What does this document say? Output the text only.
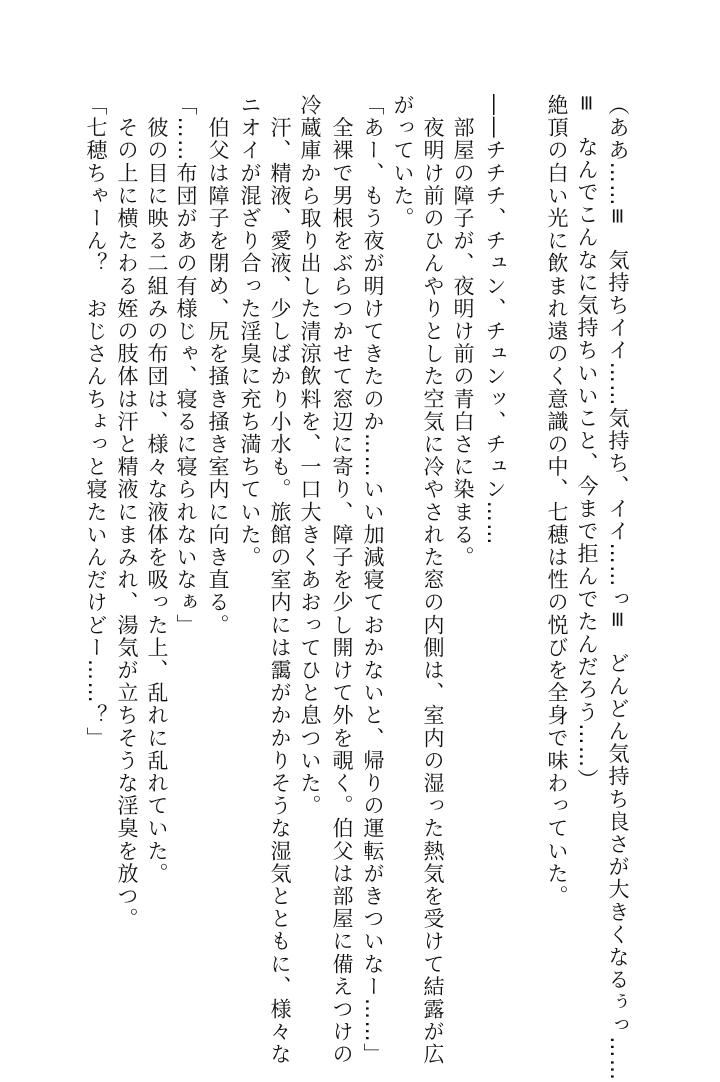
（ああ……≡　気持ちイイ……気持ち、イイ……っ≡　どんどん気持ち良さが大きくなるぅっ……
≡　なんでこんなに気持ちいいこと、今まで拒んでたんだろう……）
絶頂の白い光に飲まれ遠のく意識の中、七穂は性の悦びを全身で味わっていた。
――チチチ、チュン、チュンッ、チュン……
　部屋の障子が、夜明け前の青白さに染まる。
　夜明け前のひんやりとした空気に冷やされた窓の内側は、室内の湿った熱気を受けて結露が広
がっていた。
「あー、もう夜が明けてきたのか……いい加減寝ておかないと、帰りの運転がきついなー……」
　全裸で男根をぶらつかせて窓辺に寄り、障子を少し開けて外を覗く。伯父は部屋に備えつけの
冷蔵庫から取り出した清涼飲料を、一口大きくあおってひと息ついた。
　汗、精液、愛液、少しばかり小水も。旅館の室内には靄がかかりそうな湿気とともに、様々な
ニオイが混ざり合った淫臭に充ち満ちていた。
　伯父は障子を閉め、尻を掻き掻き室内に向き直る。
「……布団があの有様じゃ、寝るに寝られないなぁ」
　彼の目に映る二組みの布団は、様々な液体を吸った上、乱れに乱れていた。
　その上に横たわる姪の肢体は汗と精液にまみれ、湯気が立ちそうな淫臭を放つ。
「七穂ちゃーん？　おじさんちょっと寝たいんだけどー……？」
